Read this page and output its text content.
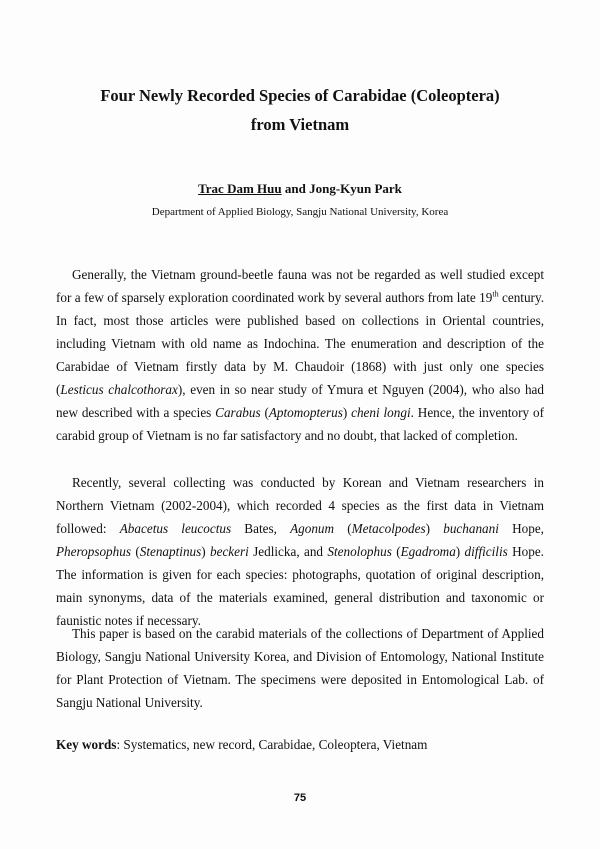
Four Newly Recorded Species of Carabidae (Coleoptera)
from Vietnam
Trac Dam Huu and Jong-Kyun Park
Department of Applied Biology, Sangju National University, Korea

Generally, the Vietnam ground-beetle fauna was not be regarded as well studied except for a few of sparsely exploration coordinated work by several authors from late 19th century. In fact, most those articles were published based on collections in Oriental countries, including Vietnam with old name as Indochina. The enumeration and description of the Carabidae of Vietnam firstly data by M. Chaudoir (1868) with just only one species (Lesticus chalcothorax), even in so near study of Ymura et Nguyen (2004), who also had new described with a species Carabus (Aptomopterus) cheni longi. Hence, the inventory of carabid group of Vietnam is no far satisfactory and no doubt, that lacked of completion.

Recently, several collecting was conducted by Korean and Vietnam researchers in Northern Vietnam (2002-2004), which recorded 4 species as the first data in Vietnam followed: Abacetus leucoctus Bates, Agonum (Metacolpodes) buchanani Hope, Pheropsophus (Stenaptinus) beckeri Jedlicka, and Stenolophus (Egadroma) difficilis Hope. The information is given for each species: photographs, quotation of original description, main synonyms, data of the materials examined, general distribution and taxonomic or faunistic notes if necessary.

This paper is based on the carabid materials of the collections of Department of Applied Biology, Sangju National University Korea, and Division of Entomology, National Institute for Plant Protection of Vietnam. The specimens were deposited in Entomological Lab. of Sangju National University.

Key words: Systematics, new record, Carabidae, Coleoptera, Vietnam
75
